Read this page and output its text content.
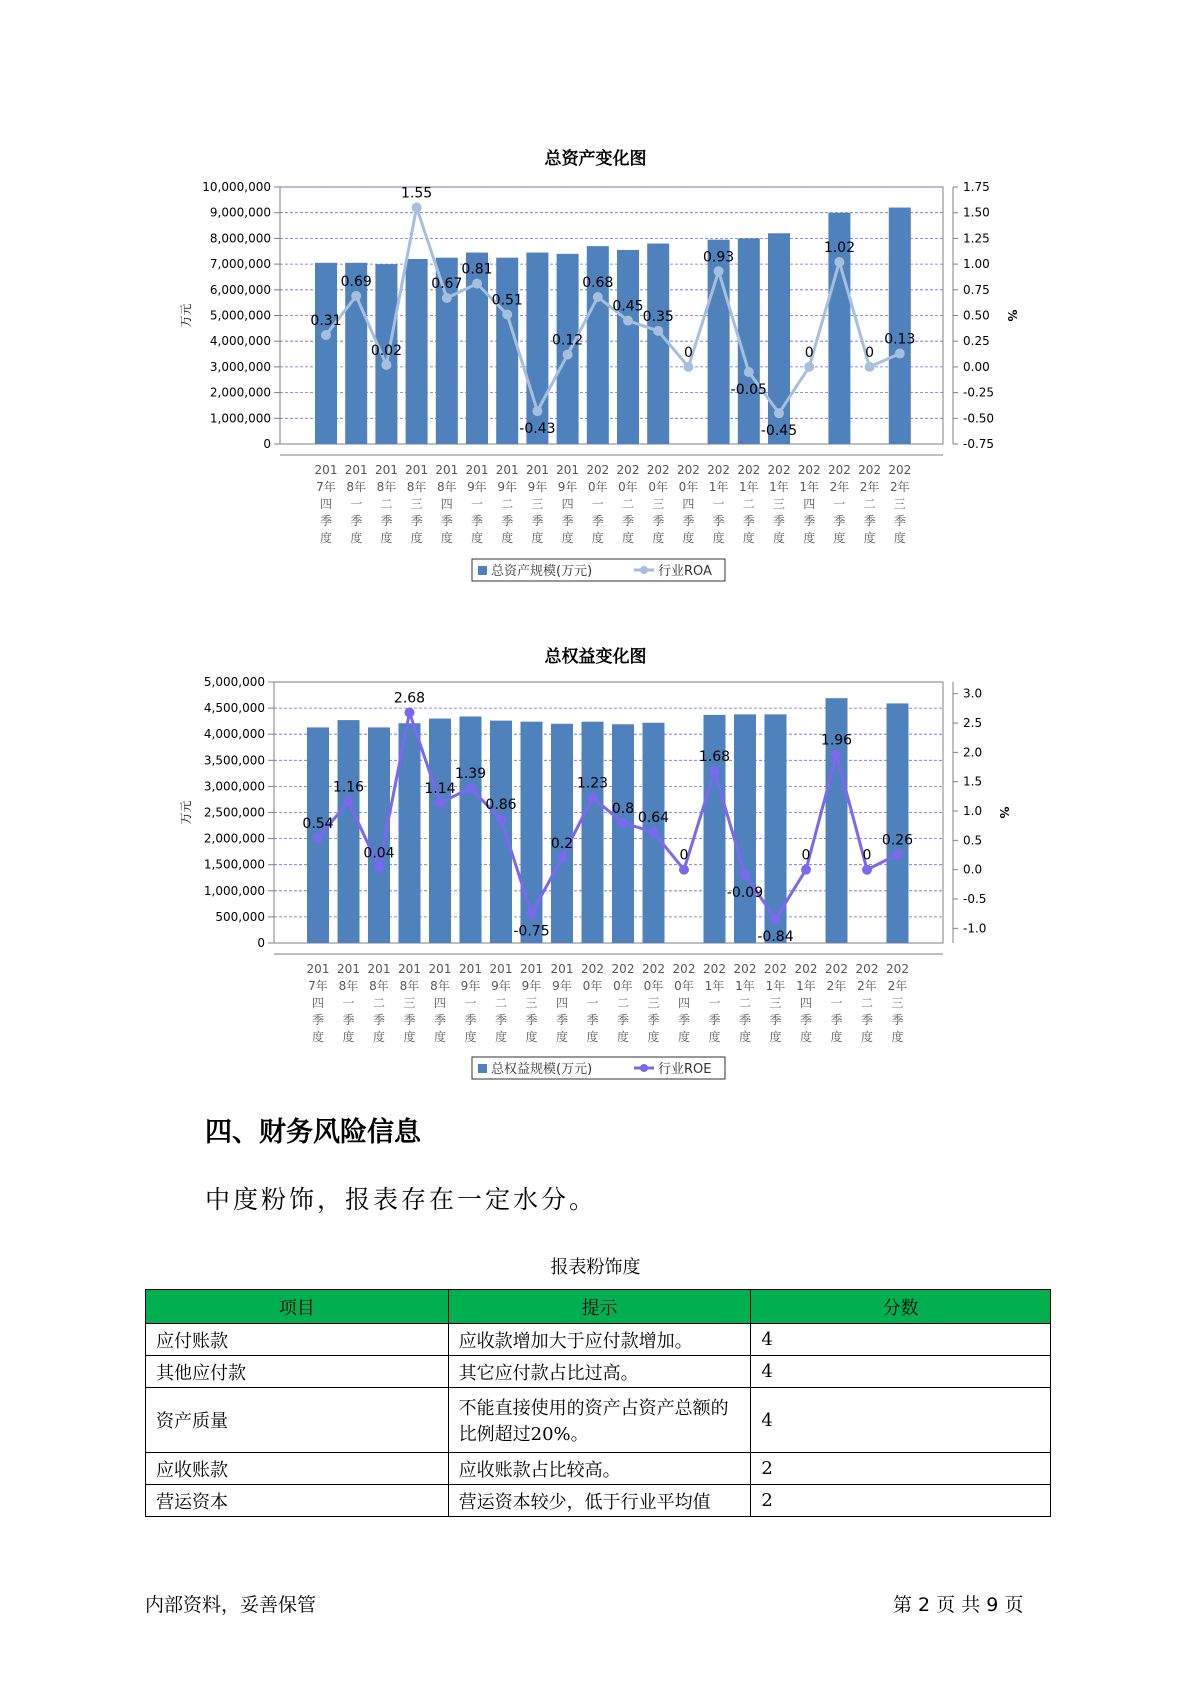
总资产变化图
10,000,000
9,000,000
8,000,000
7,000,000
6,000,000
5,000,000
4,000,000
3,000,000
2,000,000
1,000,000
0
1.75
1.50
1.25
1.00
0.75
0.50
0.25
0.00
-0.25
-0.50
-0.75
万元	%
201
7年
四
季
度
201
8年
一
季
度
201
8年
二
季
度
201
8年
三
季
度
201
8年
四
季
度
201
9年
一
季
度
201
9年
二
季
度
201
9年
三
季
度
201
9年
四
季
度
202
0年
一
季
度
202
0年
二
季
度
202
0年
三
季
度
202
0年
四
季
度
202
1年
一
季
度
202
1年
二
季
度
202
1年
三
季
度
202
1年
四
季
度
202
2年
一
季
度
202
2年
二
季
度
202
2年
三
季
度
0.31
0.69
0.02
1.55
0.67
0.81
0.51
-0.43
0.12
0.68
0.45
0.35
0
0.93
-0.05
-0.45
0
1.02
0
0.13
总资产规模(万元)	行业ROA
总权益变化图
5,000,000
4,500,000
4,000,000
3,500,000
3,000,000
2,500,000
2,000,000
1,500,000
1,000,000
500,000
0
3.0
2.5
2.0
1.5
1.0
0.5
0.0
-0.5
-1.0
万元	%
201
7年
四
季
度
201
8年
一
季
度
201
8年
二
季
度
201
8年
三
季
度
201
8年
四
季
度
201
9年
一
季
度
201
9年
二
季
度
201
9年
三
季
度
201
9年
四
季
度
202
0年
一
季
度
202
0年
二
季
度
202
0年
三
季
度
202
0年
四
季
度
202
1年
一
季
度
202
1年
二
季
度
202
1年
三
季
度
202
1年
四
季
度
202
2年
一
季
度
202
2年
二
季
度
202
2年
三
季
度
0.54
1.16
0.04
2.68
1.14
1.39
0.86
-0.75
0.2
1.23
0.8
0.64
0
1.68
-0.09
-0.84
0
1.96
0
0.26
总权益规模(万元)	行业ROE
四、财务风险信息
中度粉饰，报表存在一定水分。
报表粉饰度
项目	提示	分数
应付账款	应收款增加大于应付款增加。	4
其他应付款	其它应付款占比过高。	4
资产质量	不能直接使用的资产占资产总额的比例超过20%。	4
应收账款	应收账款占比较高。	2
营运资本	营运资本较少，低于行业平均值	2
内部资料，妥善保管	第 2 页 共 9 页
